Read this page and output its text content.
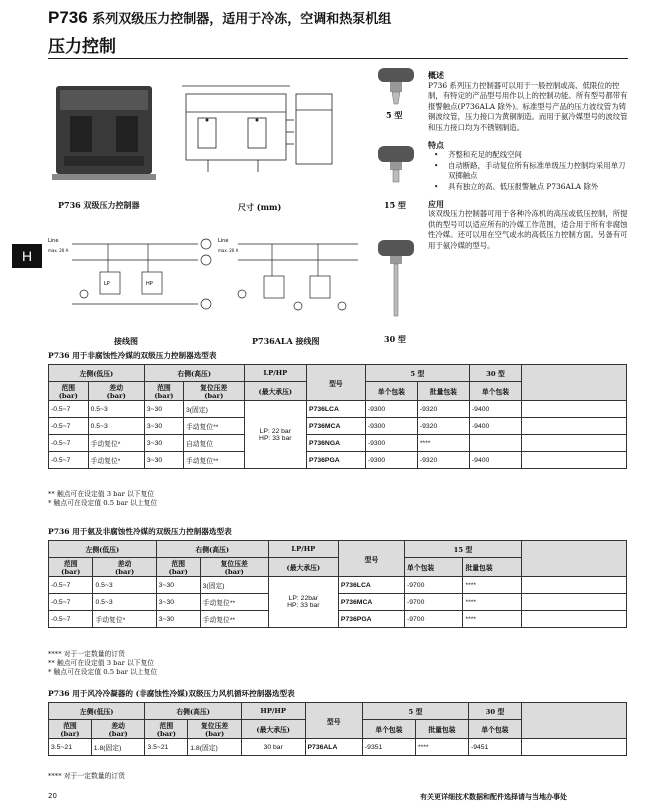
P736 系列双级压力控制器，适用于冷冻，空调和热泵机组
压力控制
H
P736 双级压力控制器	尺寸 (mm)
5 型
15 型
30 型
Line
max. 20 A
LP	HP
接线图
Line
max. 20 A
P736ALA 接线图
概述

P736 系列压力控制器可以用于一般控制或高、低限位的控制，有特定的产品型号用作以上的控制功能。所有型号都带有报警触点(P736ALA 除外)。标准型号产品的压力波纹管为铸铜波纹管，压力接口为黄铜制造。而用于氨冷媒型号的波纹管和压力接口均为不锈钢制造。

特点
• 齐整和充足的配线空间
• 自动断路，手动复位所有标准单级压力控制均采用单刀双掷触点
• 具有独立的高、低压报警触点 P736ALA 除外
应用

该双级压力控制器可用于各种冷冻机的高压或低压控制，所提供的型号可以适应所有的冷媒工作范围，适合用于所有非腐蚀性冷媒。还可以用在空气或水的高低压力控制方面。另备有可用于氨冷媒的型号。

P736 用于非腐蚀性冷媒的双级压力控制器选型表
左侧(低压)		右侧(高压)		LP/HP	型号	5 型		30 型	
范围
(bar)	差动
(bar)	范围
(bar)	复位压差
(bar)	(最大承压)		单个包装	批量包装	单个包装	
-0.5~7	0.5~3	3~30	3(固定)	LP: 22 bar
HP: 33 bar	P736LCA	-9300	-9320	-9400	
-0.5~7	0.5~3	3~30	手动复位**		P736MCA	-9300	-9320	-9400	
-0.5~7	手动复位*	3~30	自动复位		P736NGA	-9300	****		
-0.5~7	手动复位*	3~30	手动复位**		P736PGA	-9300	-9320	-9400	
** 触点可在设定值 3 bar 以下复位
* 触点可在设定值 0.5 bar 以上复位
P736 用于氨及非腐蚀性冷媒的双级压力控制器选型表
左侧(低压)		右侧(高压)		LP/HP	型号	15 型		
范围
(bar)	差动
(bar)	范围
(bar)	复位压差
(bar)	(最大承压)		单个包装	批量包装	
-0.5~7	0.5~3	3~30	3(固定)	LP: 22bar
HP: 33 bar	P736LCA	-9700	****	
-0.5~7	0.5~3	3~30	手动复位**		P736MCA	-9700	****	
-0.5~7	手动复位*	3~30	手动复位**		P736PGA	-9700	****	
**** 对于一定数量的订货
** 触点可在设定值 3 bar 以下复位
* 触点可在设定值 0.5 bar 以上复位
P736 用于风冷冷凝器的 (非腐蚀性冷媒)双级压力风机循环控制器选型表
左侧(低压)		右侧(高压)		HP/HP	型号	5 型		30 型	
范围
(bar)	差动
(bar)	范围
(bar)	复位压差
(bar)	(最大承压)		单个包装	批量包装	单个包装	
3.5~21	1.8(固定)	3.5~21	1.8(固定)	30 bar	P736ALA	-9351	****	-9451	
**** 对于一定数量的订货
20	有关更详细技术数据和配件选择请与当地办事处
